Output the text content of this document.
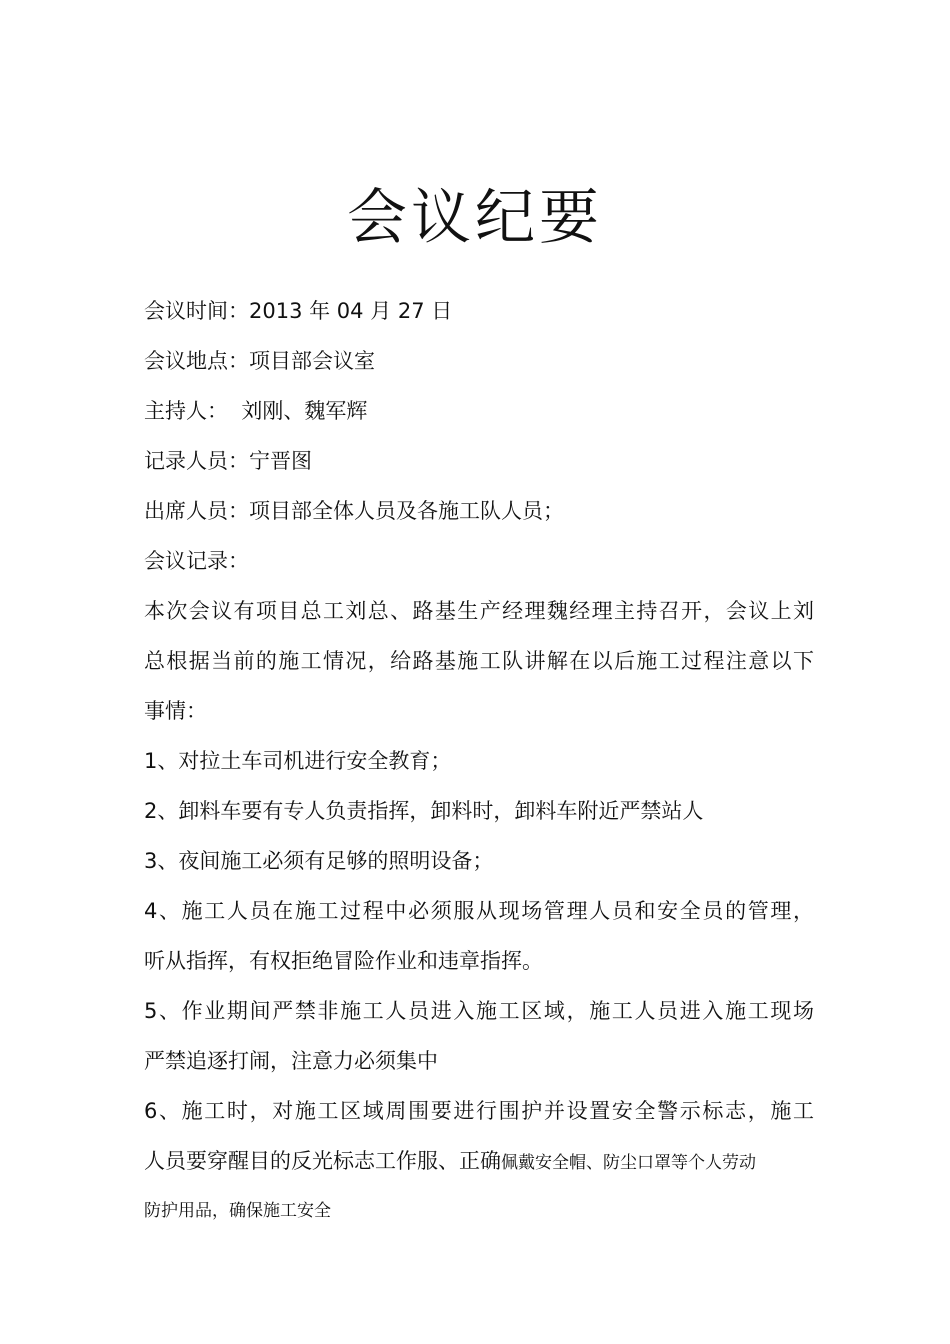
会议纪要
会议时间：2013 年 04 月 27 日
会议地点：项目部会议室
主持人：  刘刚、魏军辉
记录人员：宁晋图
出席人员：项目部全体人员及各施工队人员；
会议记录：
本次会议有项目总工刘总、路基生产经理魏经理主持召开，会议上刘
总根据当前的施工情况，给路基施工队讲解在以后施工过程注意以下
事情：
1、对拉土车司机进行安全教育；
2、卸料车要有专人负责指挥，卸料时，卸料车附近严禁站人
3、夜间施工必须有足够的照明设备；
4、施工人员在施工过程中必须服从现场管理人员和安全员的管理，
听从指挥，有权拒绝冒险作业和违章指挥。
5、作业期间严禁非施工人员进入施工区域，施工人员进入施工现场
严禁追逐打闹，注意力必须集中
6、施工时，对施工区域周围要进行围护并设置安全警示标志，施工
人员要穿醒目的反光标志工作服、正确佩戴安全帽、防尘口罩等个人劳动
防护用品，确保施工安全
